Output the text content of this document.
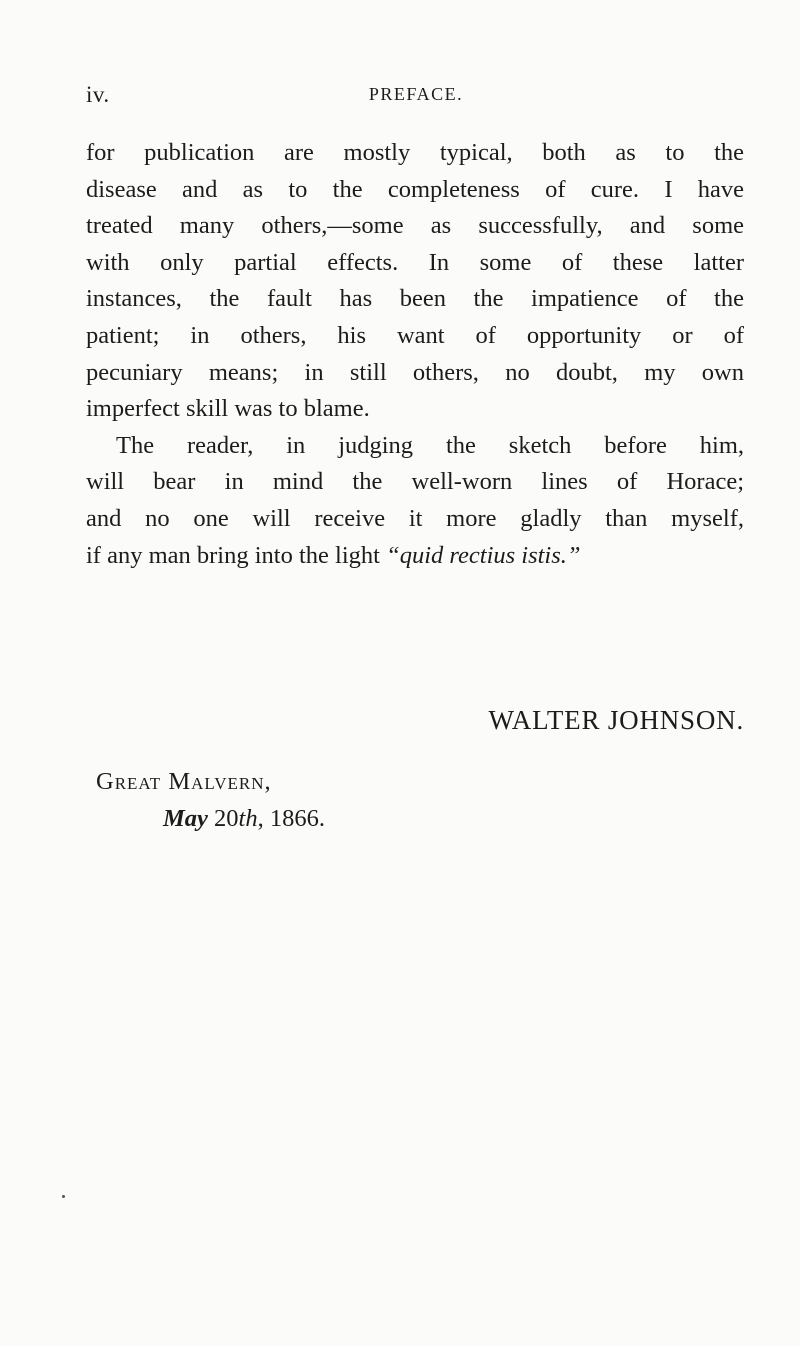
iv.	PREFACE.
for publication are mostly typical, both as to the
disease and as to the completeness of cure. I have
treated many others,—some as successfully, and some
with only partial effects. In some of these latter
instances, the fault has been the impatience of the
patient; in others, his want of opportunity or of
pecuniary means; in still others, no doubt, my own
imperfect skill was to blame.
The reader, in judging the sketch before him,
will bear in mind the well-worn lines of Horace;
and no one will receive it more gladly than myself,
if any man bring into the light “quid rectius istis.”
WALTER JOHNSON.
Great Malvern,
May 20th, 1866.
